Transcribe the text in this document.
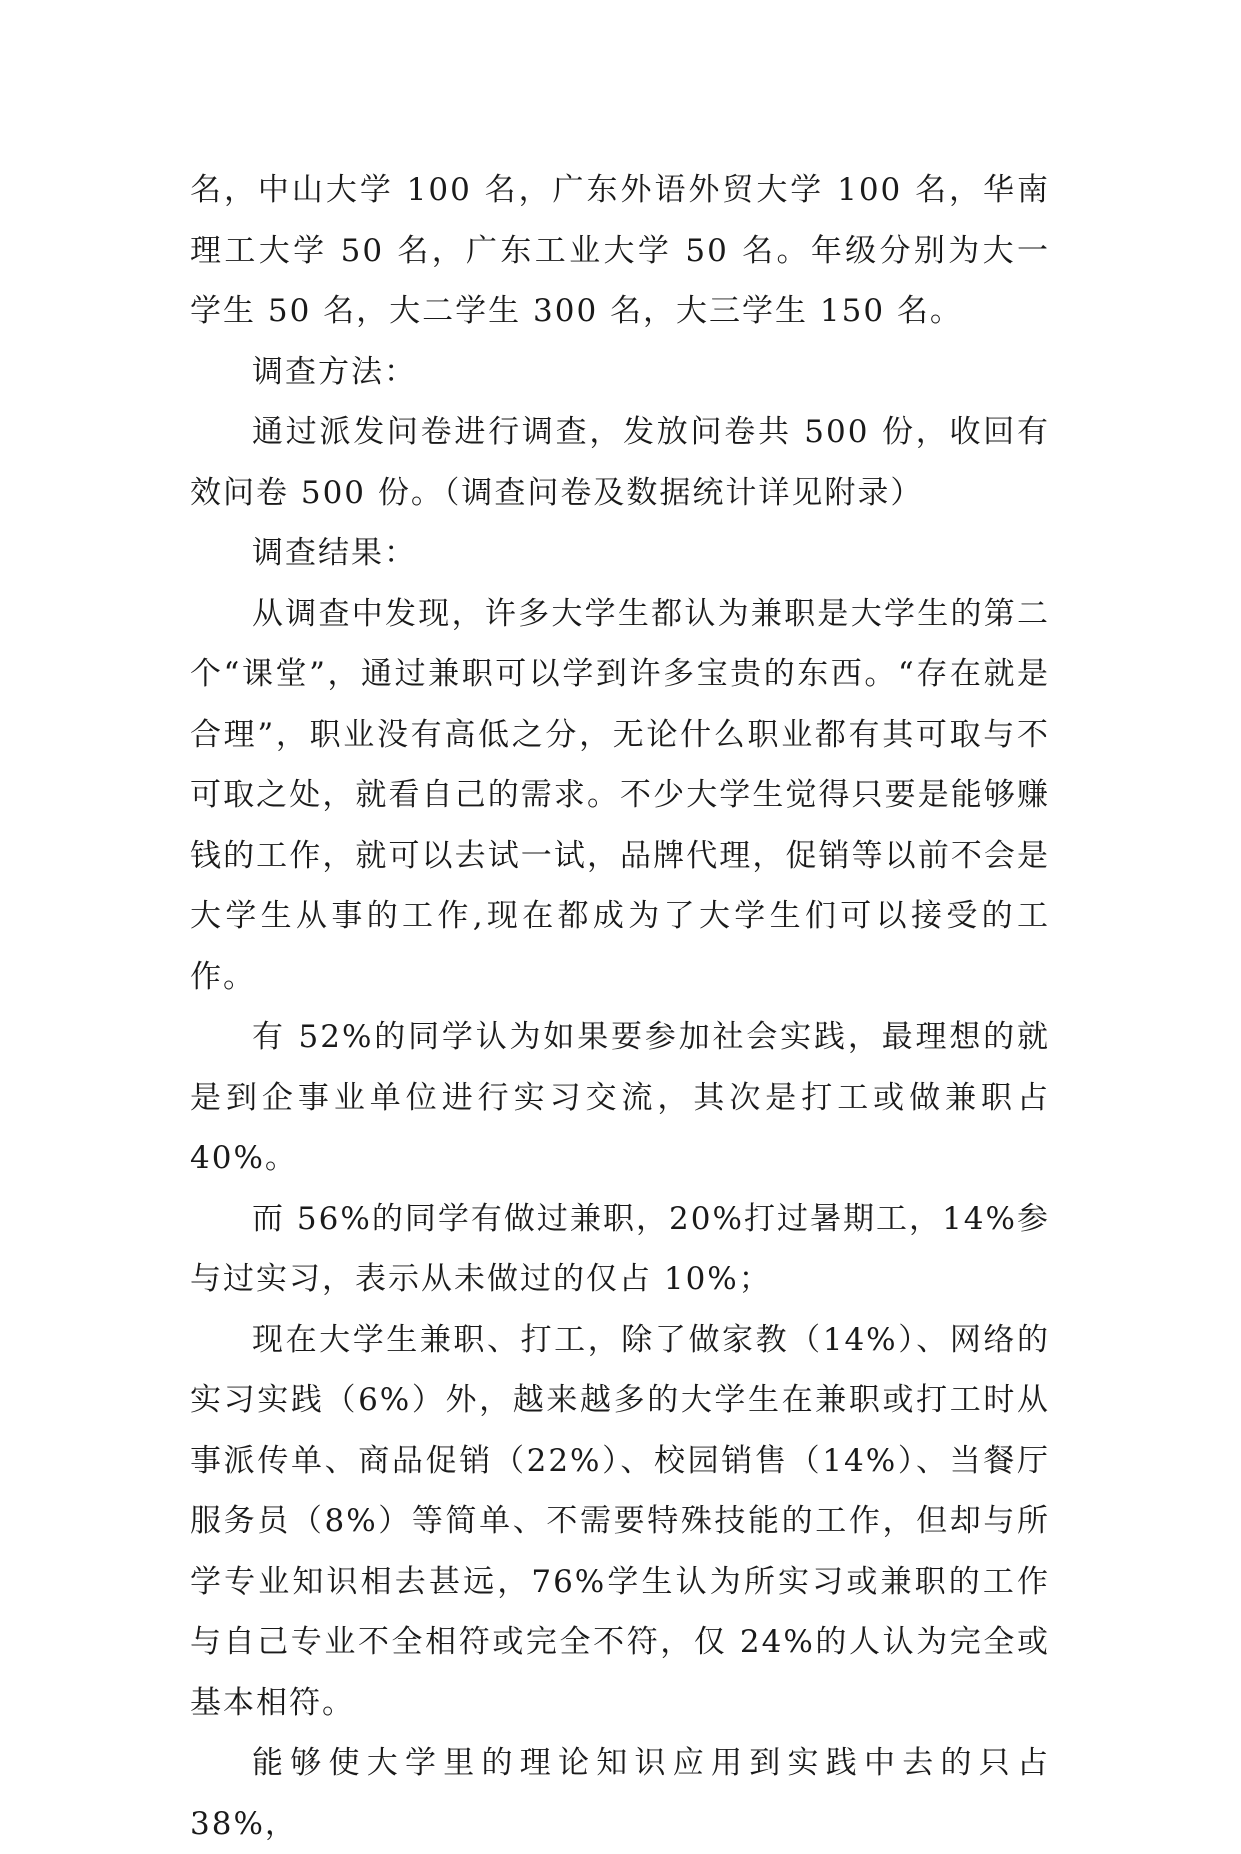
名，中山大学 100 名，广东外语外贸大学 100 名，华南理工大学 50 名，广东工业大学 50 名。年级分别为大一学生 50 名，大二学生 300 名，大三学生 150 名。

调查方法：

通过派发问卷进行调查，发放问卷共 500 份，收回有效问卷 500 份。（调查问卷及数据统计详见附录）

调查结果：

从调查中发现，许多大学生都认为兼职是大学生的第二个“课堂”，通过兼职可以学到许多宝贵的东西。“存在就是合理”，职业没有高低之分，无论什么职业都有其可取与不可取之处，就看自己的需求。不少大学生觉得只要是能够赚钱的工作，就可以去试一试，品牌代理，促销等以前不会是大学生从事的工作,现在都成为了大学生们可以接受的工作。

有 52%的同学认为如果要参加社会实践，最理想的就是到企事业单位进行实习交流，其次是打工或做兼职占 40%。

而 56%的同学有做过兼职，20%打过暑期工，14%参与过实习，表示从未做过的仅占 10%；

现在大学生兼职、打工，除了做家教（14%）、网络的实习实践（6%）外，越来越多的大学生在兼职或打工时从事派传单、商品促销（22%）、校园销售（14%）、当餐厅服务员（8%）等简单、不需要特殊技能的工作，但却与所学专业知识相去甚远，76%学生认为所实习或兼职的工作与自己专业不全相符或完全不符，仅 24%的人认为完全或基本相符。

能够使大学里的理论知识应用到实践中去的只占 38%，
